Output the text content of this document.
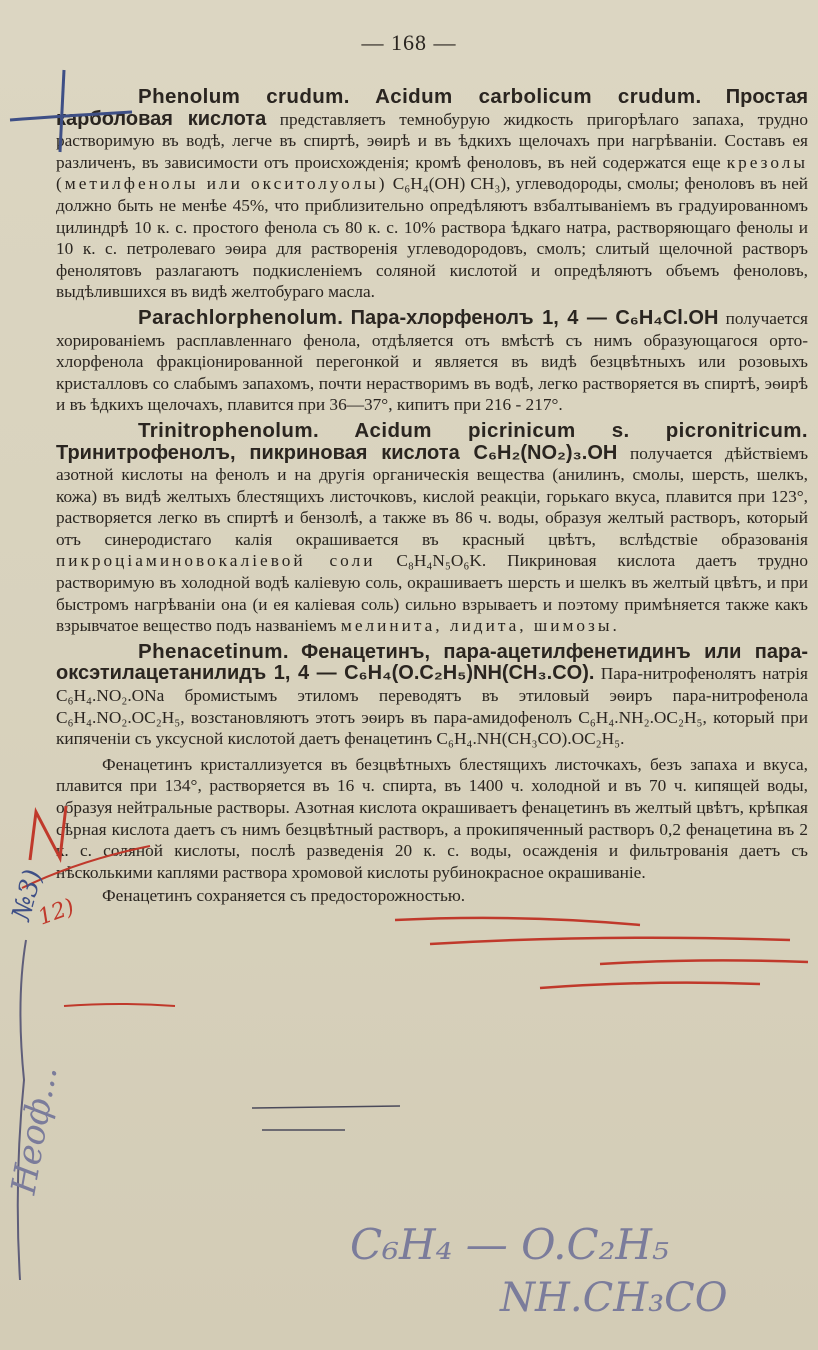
— 168 —
Phenolum crudum. Acidum carbolicum crudum. Простая карболовая кислота представляетъ темнобурую жидкость пригорѣлаго запаха, трудно растворимую въ водѣ, легче въ спиртѣ, эѳирѣ и въ ѣдкихъ щелочахъ при нагрѣваніи. Составъ ея различенъ, въ зависимости отъ происхожденія; кромѣ феноловъ, въ ней содержатся еще крезолы (метилфенолы или окситолуолы) C₆H₄(OH) CH₃), углеводороды, смолы; феноловъ въ ней должно быть не менѣе 45%, что приблизительно опредѣляютъ взбалтываніемъ въ градуированномъ цилиндрѣ 10 к. с. простого фенола съ 80 к. с. 10% раствора ѣдкаго натра, растворяющаго фенолы и 10 к. с. петролеваго эѳира для растворенія углеводородовъ, смолъ; слитый щелочной растворъ фенолятовъ разлагаютъ подкисленіемъ соляной кислотой и опредѣляютъ объемъ феноловъ, выдѣлившихся въ видѣ желтобураго масла.
Parachlorphenolum. Пара-хлорфенолъ 1, 4 — C₆H₄Cl.OH получается хорированіемъ расплавленнаго фенола, отдѣляется отъ вмѣстѣ съ нимъ образующагося орто-хлорфенола фракціонированной перегонкой и является въ видѣ безцвѣтныхъ или розовыхъ кристалловъ со слабымъ запахомъ, почти нерастворимъ въ водѣ, легко растворяется въ спиртѣ, эѳирѣ и въ ѣдкихъ щелочахъ, плавится при 36—37°, кипитъ при 216 - 217°.
Trinitrophenolum. Acidum picrinicum s. picronitricum. Тринитрофенолъ, пикриновая кислота C₆H₂(NO₂)₃.OH получается дѣйствіемъ азотной кислоты на фенолъ и на другія органическія вещества (анилинъ, смолы, шерсть, шелкъ, кожа) въ видѣ желтыхъ блестящихъ листочковъ, кислой реакціи, горькаго вкуса, плавится при 123°, растворяется легко въ спиртѣ и бензолѣ, а также въ 86 ч. воды, образуя желтый растворъ, который отъ синеродистаго калія окрашивается въ красный цвѣтъ, вслѣдствіе образованія пикроціаминовокаліевой соли C₈H₄N₅O₆K. Пикриновая кислота даетъ трудно растворимую въ холодной водѣ каліевую соль, окрашиваетъ шерсть и шелкъ въ желтый цвѣтъ, и при быстромъ нагрѣваніи она (и ея каліевая соль) сильно взрываетъ и поэтому примѣняется также какъ взрывчатое вещество подъ названіемъ мелинита, лидита, шимозы.
Phenacetinum. Фенацетинъ, пара-ацетилфенетидинъ или пара-оксэтилацетанилидъ 1, 4 — C₆H₄(O.C₂H₅)NH(CH₃.CO). Пара-нитрофенолятъ натрія C₆H₄.NO₂.ONa бромистымъ этиломъ переводятъ въ этиловый эѳиръ пара-нитрофенола C₆H₄.NO₂.OC₂H₅, возстановляютъ этотъ эѳиръ въ пара-амидофенолъ C₆H₄.NH₂.OC₂H₅, который при кипяченіи съ уксусной кислотой даетъ фенацетинъ C₆H₄.NH(CH₃CO).OC₂H₅.
Фенацетинъ кристаллизуется въ безцвѣтныхъ блестящихъ листочкахъ, безъ запаха и вкуса, плавится при 134°, растворяется въ 16 ч. спирта, въ 1400 ч. холодной и въ 70 ч. кипящей воды, образуя нейтральные растворы. Азотная кислота окрашиваетъ фенацетинъ въ желтый цвѣтъ, крѣпкая сѣрная кислота даетъ съ нимъ безцвѣтный растворъ, а прокипяченный растворъ 0,2 фенацетина въ 2 к. с. соляной кислоты, послѣ разведенія 20 к. с. воды, осажденія и фильтрованія даетъ съ нѣсколькими каплями раствора хромовой кислоты рубинокрасное окрашиваніе.
Фенацетинъ сохраняется съ предосторожностью.
№3)
12)
Неоф...
C₆H₄ — O.C₂H₅
NH.CH₃CO
